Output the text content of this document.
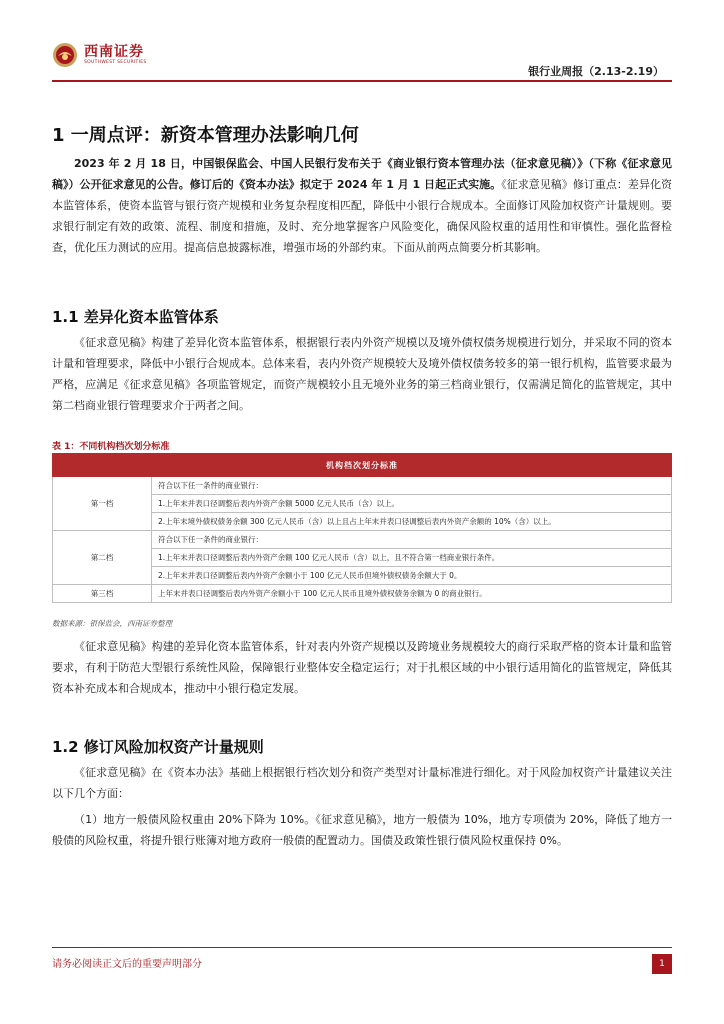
西南证券
SOUTHWEST SECURITIES
银行业周报（2.13-2.19）
1 一周点评：新资本管理办法影响几何

2023 年 2 月 18 日，中国银保监会、中国人民银行发布关于《商业银行资本管理办法（征求意见稿）》（下称《征求意见稿》）公开征求意见的公告。修订后的《资本办法》拟定于 2024 年 1 月 1 日起正式实施。《征求意见稿》修订重点：差异化资本监管体系，使资本监管与银行资产规模和业务复杂程度相匹配，降低中小银行合规成本。全面修订风险加权资产计量规则。要求银行制定有效的政策、流程、制度和措施，及时、充分地掌握客户风险变化，确保风险权重的适用性和审慎性。强化监督检查，优化压力测试的应用。提高信息披露标准，增强市场的外部约束。下面从前两点简要分析其影响。

1.1 差异化资本监管体系

《征求意见稿》构建了差异化资本监管体系，根据银行表内外资产规模以及境外债权债务规模进行划分，并采取不同的资本计量和管理要求，降低中小银行合规成本。总体来看，表内外资产规模较大及境外债权债务较多的第一银行机构，监管要求最为严格，应满足《征求意见稿》各项监管规定，而资产规模较小且无境外业务的第三档商业银行，仅需满足简化的监管规定，其中第二档商业银行管理要求介于两者之间。

表 1：不同机构档次划分标准
机构档次划分标准	
第一档	符合以下任一条件的商业银行：
	1.上年末并表口径调整后表内外资产余额 5000 亿元人民币（含）以上。
	2.上年末境外债权债务余额 300 亿元人民币（含）以上且占上年末并表口径调整后表内外资产余额的 10%（含）以上。
第二档	符合以下任一条件的商业银行：
	1.上年末并表口径调整后表内外资产余额 100 亿元人民币（含）以上，且不符合第一档商业银行条件。
	2.上年末并表口径调整后表内外资产余额小于 100 亿元人民币但境外债权债务余额大于 0。
第三档	上年末并表口径调整后表内外资产余额小于 100 亿元人民币且境外债权债务余额为 0 的商业银行。
数据来源：银保监会，西南证券整理

《征求意见稿》构建的差异化资本监管体系，针对表内外资产规模以及跨境业务规模较大的商行采取严格的资本计量和监管要求，有利于防范大型银行系统性风险，保障银行业整体安全稳定运行；对于扎根区域的中小银行适用简化的监管规定，降低其资本补充成本和合规成本，推动中小银行稳定发展。

1.2 修订风险加权资产计量规则

《征求意见稿》在《资本办法》基础上根据银行档次划分和资产类型对计量标准进行细化。对于风险加权资产计量建议关注以下几个方面：

（1）地方一般债风险权重由 20%下降为 10%。《征求意见稿》，地方一般债为 10%，地方专项债为 20%，降低了地方一般债的风险权重，将提升银行账簿对地方政府一般债的配置动力。国债及政策性银行债风险权重保持 0%。

请务必阅读正文后的重要声明部分	1
